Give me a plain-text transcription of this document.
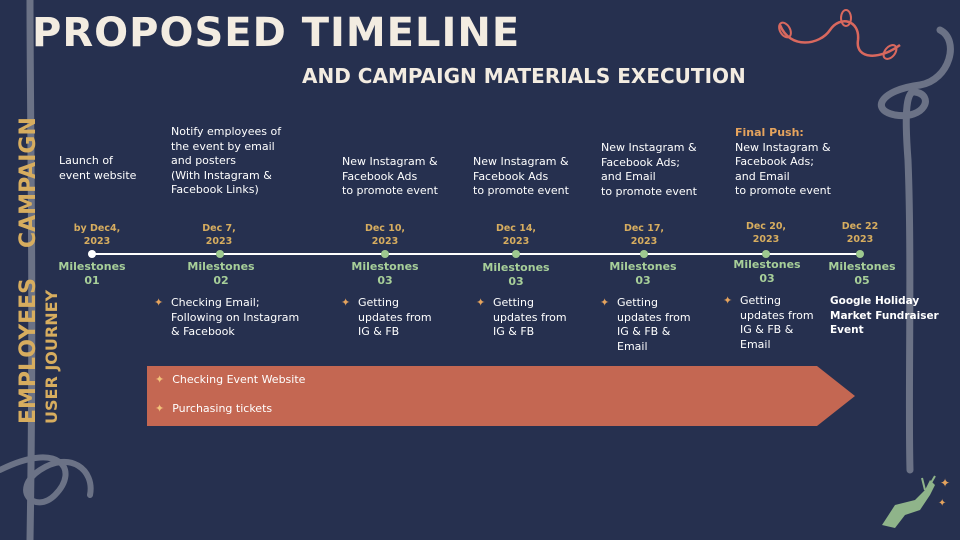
✦
✦
PROPOSED TIMELINE
AND CAMPAIGN MATERIALS EXECUTION
CAMPAIGN
EMPLOYEES USER JOURNEY
Launch of
event website
Notify employees of
the event by email
and posters
(With Instagram &
Facebook Links)
New Instagram &
Facebook Ads
to promote event
New Instagram &
Facebook Ads
to promote event
New Instagram &
Facebook Ads;
and Email
to promote event
Final Push:
New Instagram &
Facebook Ads;
and Email
to promote event
by Dec4,
2023
Dec 7,
2023
Dec 10,
2023
Dec 14,
2023
Dec 17,
2023
Dec 20,
2023
Dec 22
2023
Milestones
01
Milestones
02
Milestones
03
Milestones
03
Milestones
03
Milestones
03
Milestones
05
✦ Checking Email;
Following on Instagram
& Facebook
✦ Getting
updates from
IG & FB
✦ Getting
updates from
IG & FB
✦ Getting
updates from
IG & FB &
Email
✦ Getting
updates from
IG & FB &
Email
Google Holiday
Market Fundraiser
Event
✦ Checking Event Website
✦ Purchasing tickets
